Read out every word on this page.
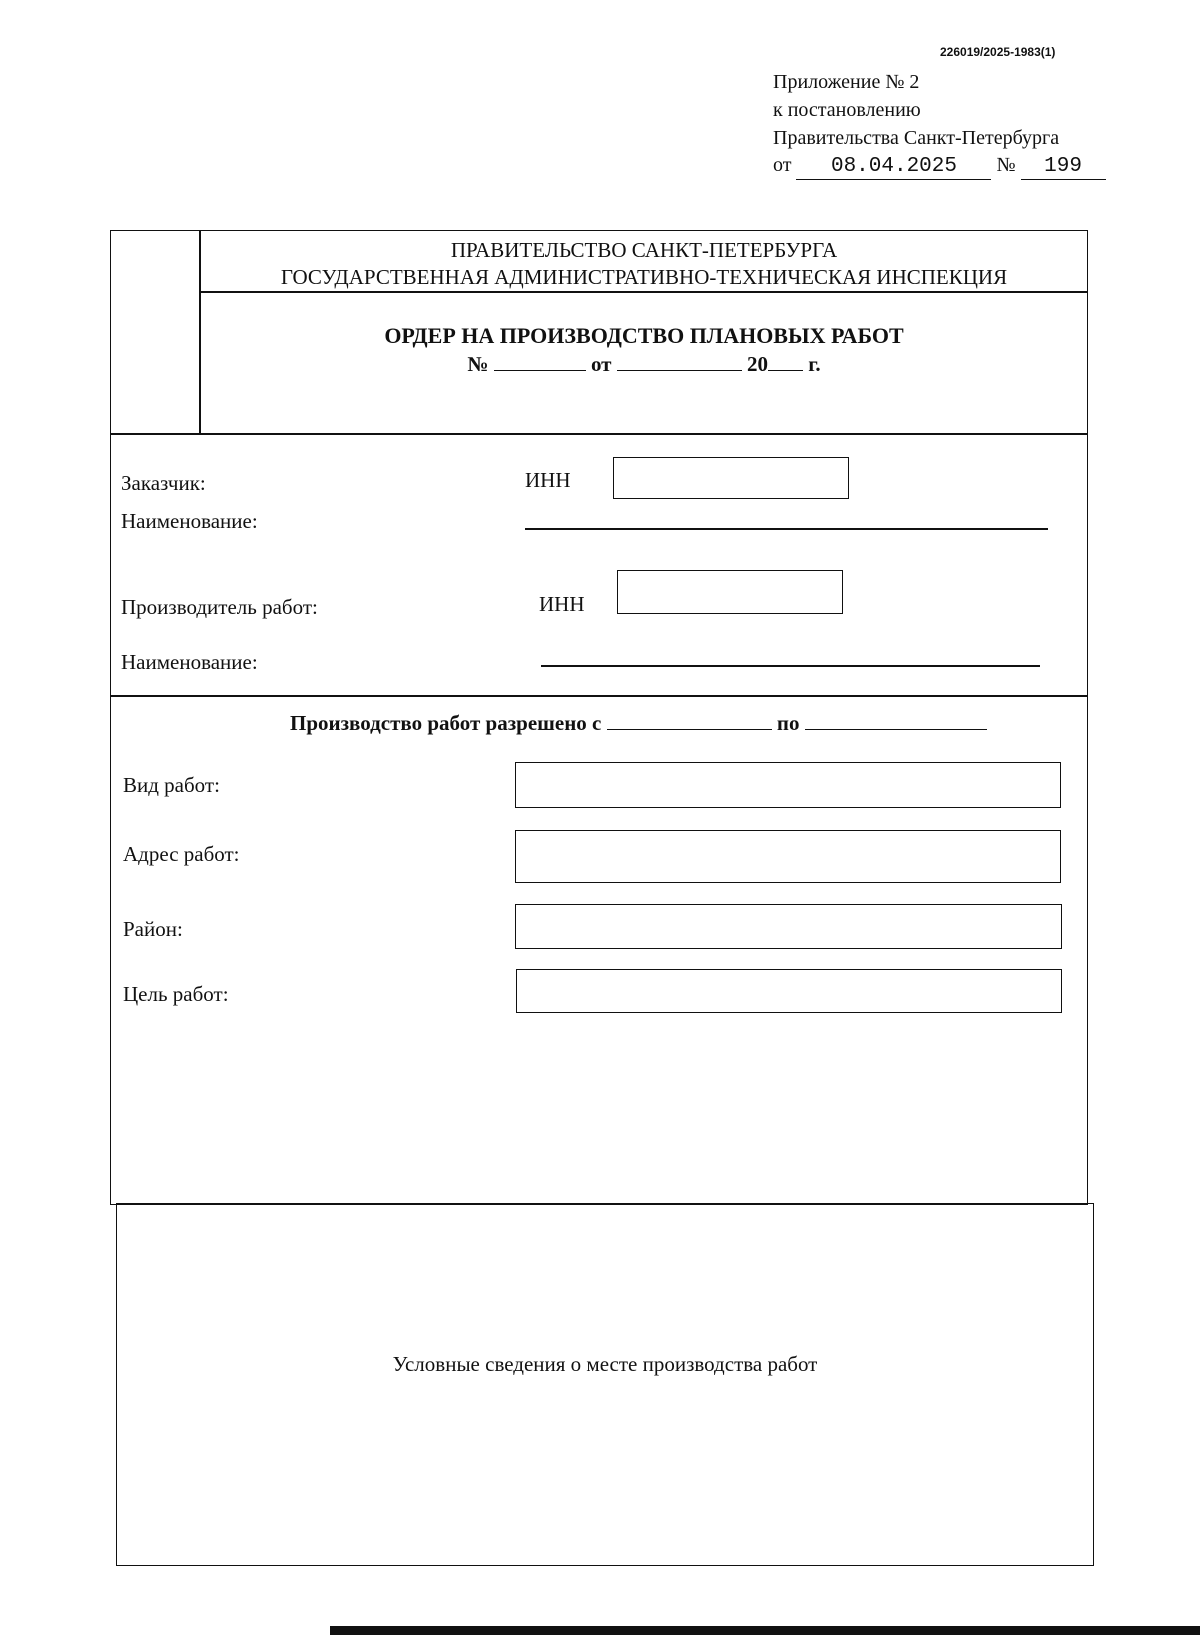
226019/2025-1983(1)
Приложение № 2
к постановлению
Правительства Санкт-Петербурга
от 08.04.2025 № 199
ПРАВИТЕЛЬСТВО САНКТ-ПЕТЕРБУРГА
ГОСУДАРСТВЕННАЯ АДМИНИСТРАТИВНО-ТЕХНИЧЕСКАЯ ИНСПЕКЦИЯ
ОРДЕР НА ПРОИЗВОДСТВО ПЛАНОВЫХ РАБОТ
№	от	20 г.
Заказчик:	ИНН
Наименование:
Производитель работ:	ИНН
Наименование:
Производство работ разрешено с	по
Вид работ:
Адрес работ:
Район:
Цель работ:
Условные сведения о месте производства работ
